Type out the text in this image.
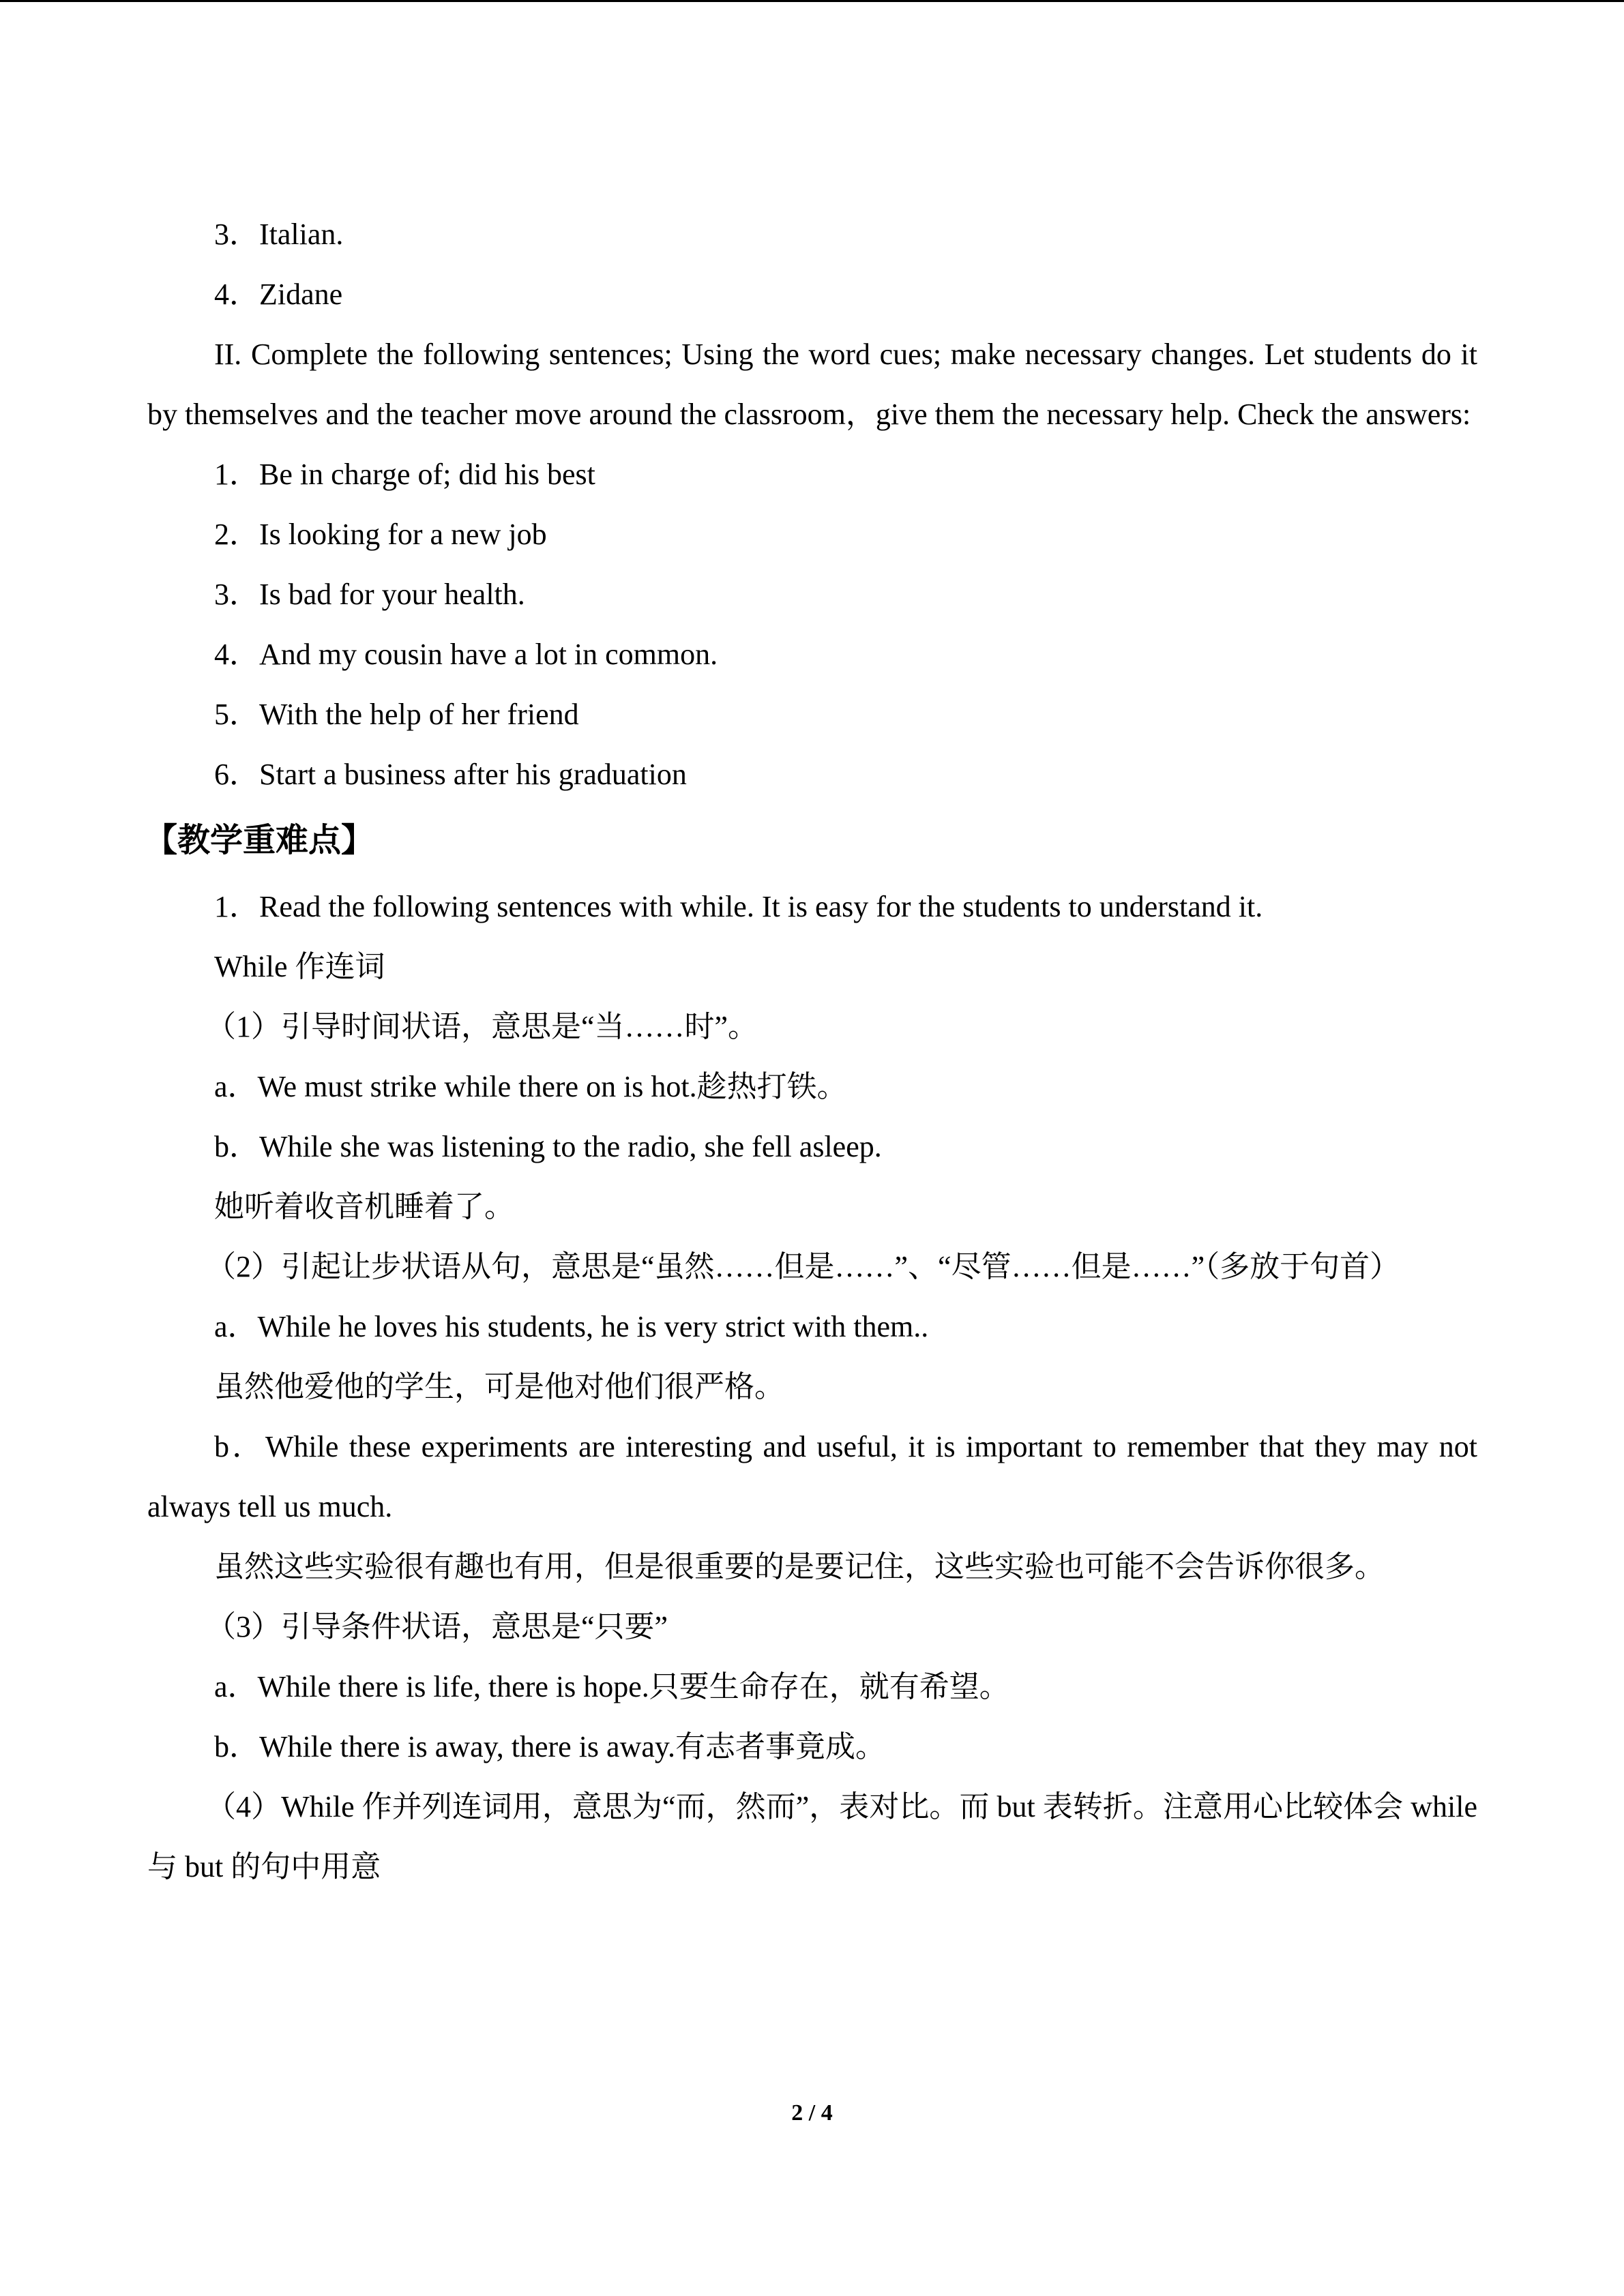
3．Italian.

4．Zidane

II. Complete the following sentences; Using the word cues; make necessary changes. Let students do it by themselves and the teacher move around the classroom，give them the necessary help. Check the answers:

1．Be in charge of; did his best

2．Is looking for a new job

3．Is bad for your health.

4．And my cousin have a lot in common.

5．With the help of her friend

6．Start a business after his graduation

【教学重难点】

1．Read the following sentences with while. It is easy for the students to understand it.

While 作连词

（1）引导时间状语，意思是“当……时”。

a．We must strike while there on is hot.趁热打铁。

b．While she was listening to the radio, she fell asleep.

她听着收音机睡着了。

（2）引起让步状语从句，意思是“虽然……但是……”、“尽管……但是……”（多放于句首）

a．While he loves his students, he is very strict with them..

虽然他爱他的学生，可是他对他们很严格。

b．While these experiments are interesting and useful, it is important to remember that they may not always tell us much.

虽然这些实验很有趣也有用，但是很重要的是要记住，这些实验也可能不会告诉你很多。

（3）引导条件状语，意思是“只要”

a．While there is life, there is hope.只要生命存在，就有希望。

b．While there is away, there is away.有志者事竟成。

（4）While 作并列连词用，意思为“而，然而”，表对比。而 but 表转折。注意用心比较体会 while 与 but 的句中用意

2 / 4
